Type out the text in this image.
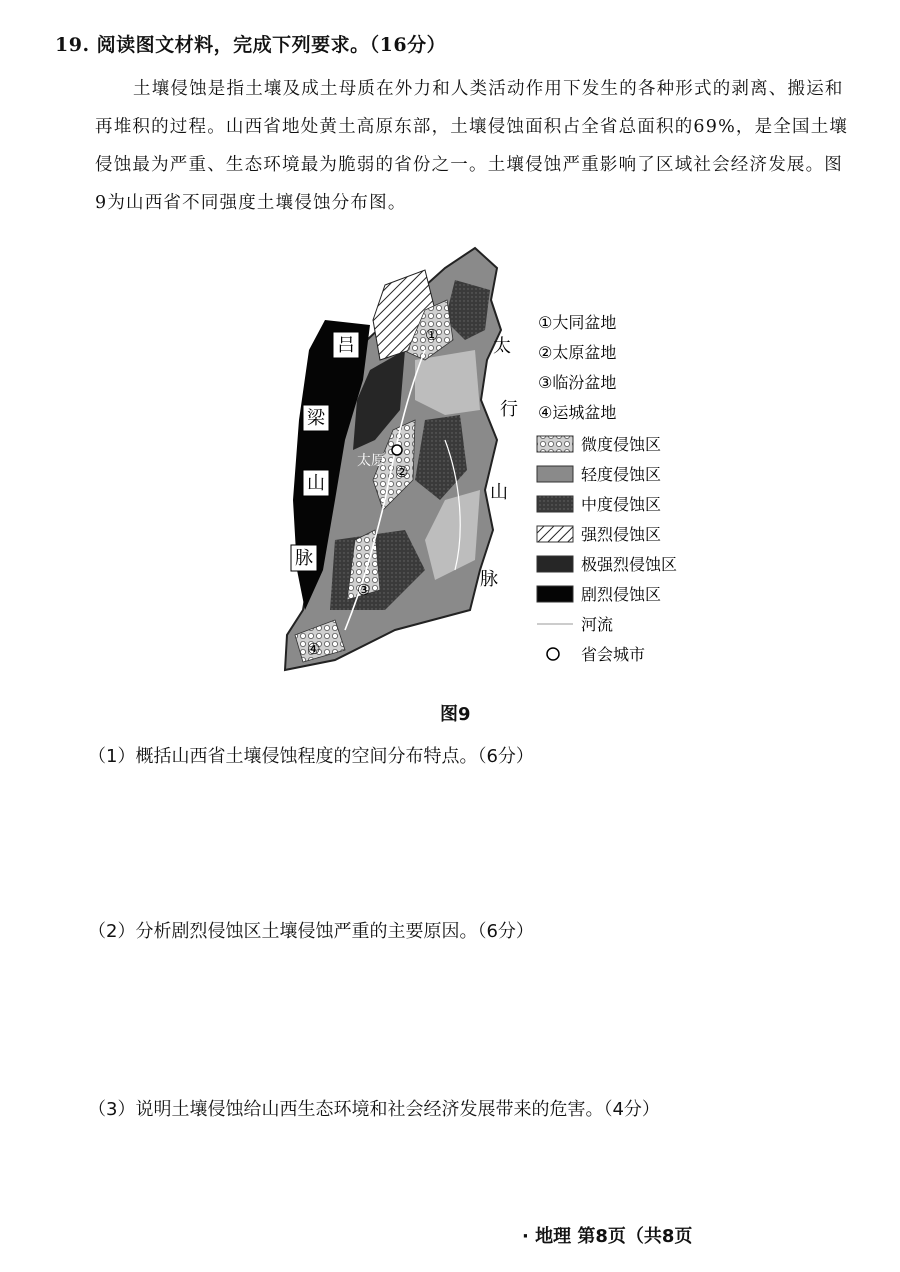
19. 阅读图文材料，完成下列要求。（16分）

土壤侵蚀是指土壤及成土母质在外力和人类活动作用下发生的各种形式的剥离、搬运和再堆积的过程。山西省地处黄土高原东部，土壤侵蚀面积占全省总面积的69%，是全国土壤侵蚀最为严重、生态环境最为脆弱的省份之一。土壤侵蚀严重影响了区域社会经济发展。图9为山西省不同强度土壤侵蚀分布图。

吕
梁
山
脉
太
行
山
脉
太原
①
②
③
④
①大同盆地
②太原盆地
③临汾盆地
④运城盆地
微度侵蚀区
轻度侵蚀区
中度侵蚀区
强烈侵蚀区
极强烈侵蚀区
剧烈侵蚀区
河流
省会城市
图9
（1）概括山西省土壤侵蚀程度的空间分布特点。（6分）
（2）分析剧烈侵蚀区土壤侵蚀严重的主要原因。（6分）
（3）说明土壤侵蚀给山西生态环境和社会经济发展带来的危害。（4分）
· 地理 第8页（共8页
